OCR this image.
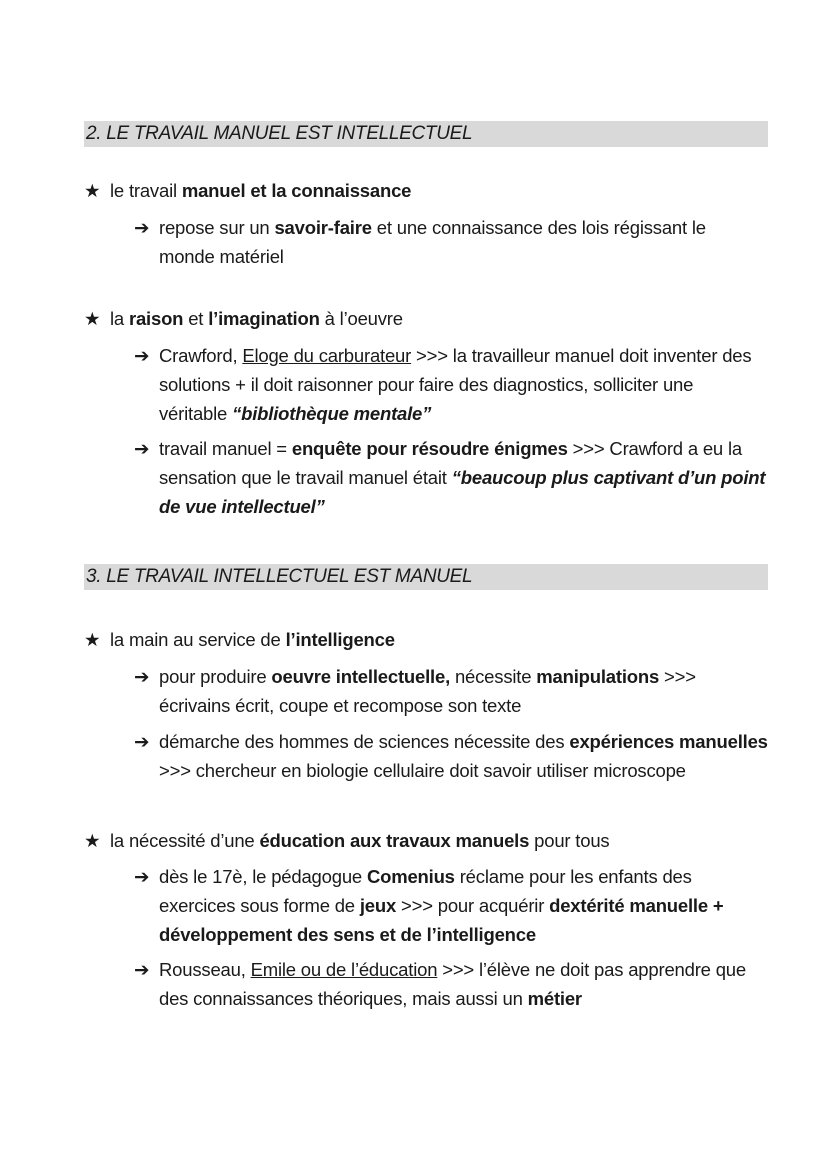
2. LE TRAVAIL MANUEL EST INTELLECTUEL
★ le travail manuel et la connaissance
➔ repose sur un savoir-faire et une connaissance des lois régissant le
monde matériel
★ la raison et l’imagination à l’oeuvre
➔ Crawford, Eloge du carburateur >>> la travailleur manuel doit inventer des
solutions + il doit raisonner pour faire des diagnostics, solliciter une
véritable “bibliothèque mentale”
➔ travail manuel = enquête pour résoudre énigmes >>> Crawford a eu la
sensation que le travail manuel était “beaucoup plus captivant d’un point
de vue intellectuel”
3. LE TRAVAIL INTELLECTUEL EST MANUEL
★ la main au service de l’intelligence
➔ pour produire oeuvre intellectuelle, nécessite manipulations >>>
écrivains écrit, coupe et recompose son texte
➔ démarche des hommes de sciences nécessite des expériences manuelles
>>> chercheur en biologie cellulaire doit savoir utiliser microscope
★ la nécessité d’une éducation aux travaux manuels pour tous
➔ dès le 17è, le pédagogue Comenius réclame pour les enfants des
exercices sous forme de jeux >>> pour acquérir dextérité manuelle +
développement des sens et de l’intelligence
➔ Rousseau, Emile ou de l’éducation >>> l’élève ne doit pas apprendre que
des connaissances théoriques, mais aussi un métier
